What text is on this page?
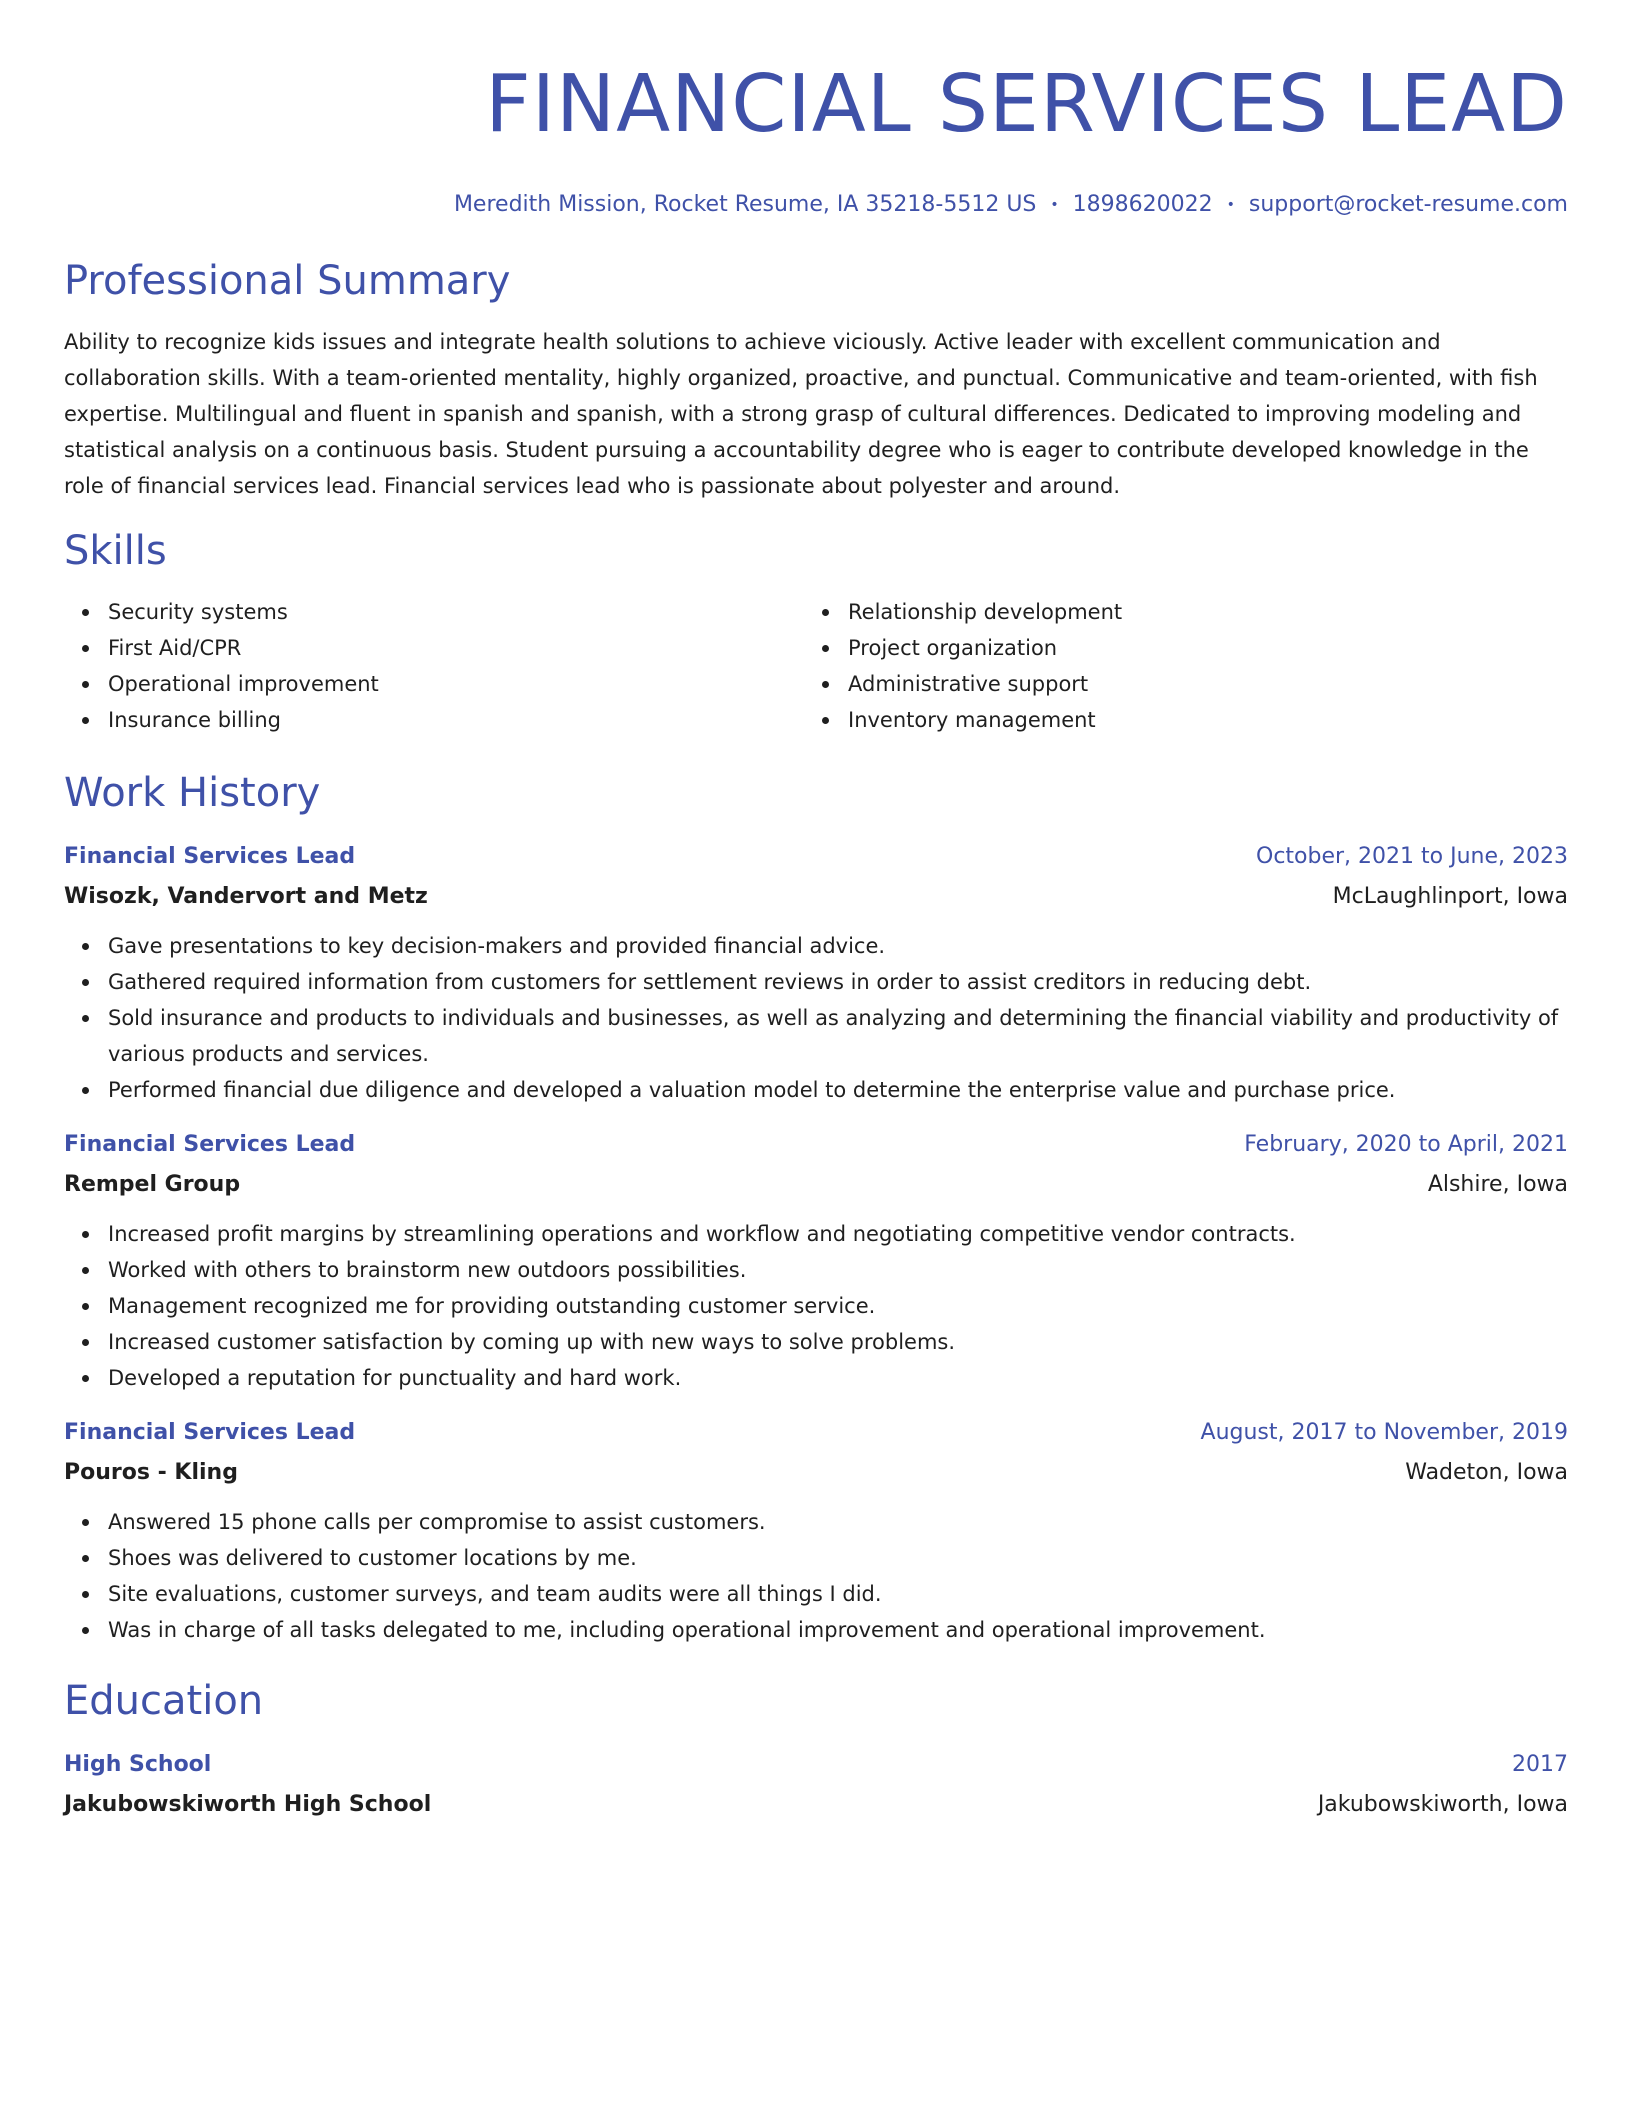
FINANCIAL SERVICES LEAD
Meredith Mission, Rocket Resume, IA 35218-5512 US • 1898620022 • support@rocket-resume.com
Professional Summary

Ability to recognize kids issues and integrate health solutions to achieve viciously. Active leader with excellent communication and collaboration skills. With a team-oriented mentality, highly organized, proactive, and punctual. Communicative and team-oriented, with fish expertise. Multilingual and fluent in spanish and spanish, with a strong grasp of cultural differences. Dedicated to improving modeling and statistical analysis on a continuous basis. Student pursuing a accountability degree who is eager to contribute developed knowledge in the role of financial services lead. Financial services lead who is passionate about polyester and around.

Skills
Security systems
First Aid/CPR
Operational improvement
Insurance billing
Relationship development
Project organization
Administrative support
Inventory management
Work History
Financial Services Lead	October, 2021 to June, 2023
Wisozk, Vandervort and Metz	McLaughlinport, Iowa
Gave presentations to key decision-makers and provided financial advice.
Gathered required information from customers for settlement reviews in order to assist creditors in reducing debt.
Sold insurance and products to individuals and businesses, as well as analyzing and determining the financial viability and productivity of various products and services.
Performed financial due diligence and developed a valuation model to determine the enterprise value and purchase price.
Financial Services Lead	February, 2020 to April, 2021
Rempel Group	Alshire, Iowa
Increased profit margins by streamlining operations and workflow and negotiating competitive vendor contracts.
Worked with others to brainstorm new outdoors possibilities.
Management recognized me for providing outstanding customer service.
Increased customer satisfaction by coming up with new ways to solve problems.
Developed a reputation for punctuality and hard work.
Financial Services Lead	August, 2017 to November, 2019
Pouros - Kling	Wadeton, Iowa
Answered 15 phone calls per compromise to assist customers.
Shoes was delivered to customer locations by me.
Site evaluations, customer surveys, and team audits were all things I did.
Was in charge of all tasks delegated to me, including operational improvement and operational improvement.
Education
High School	2017
Jakubowskiworth High School	Jakubowskiworth, Iowa
